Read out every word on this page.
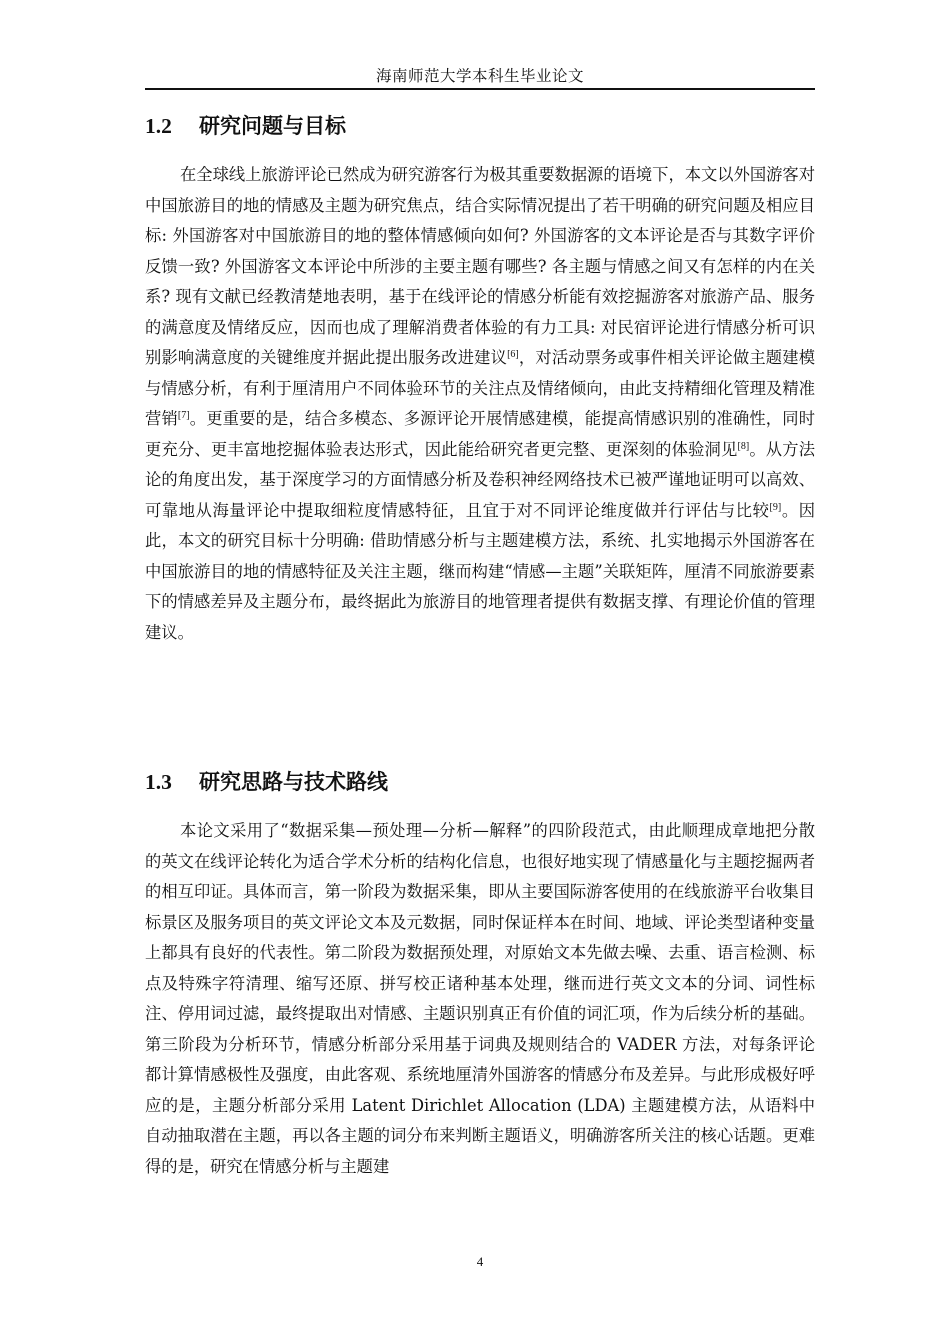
海南师范大学本科生毕业论文
1.2 研究问题与目标

在全球线上旅游评论已然成为研究游客行为极其重要数据源的语境下，本文以外国游客对中国旅游目的地的情感及主题为研究焦点，结合实际情况提出了若干明确的研究问题及相应目标: 外国游客对中国旅游目的地的整体情感倾向如何? 外国游客的文本评论是否与其数字评价反馈一致? 外国游客文本评论中所涉的主要主题有哪些? 各主题与情感之间又有怎样的内在关系? 现有文献已经教清楚地表明，基于在线评论的情感分析能有效挖掘游客对旅游产品、服务的满意度及情绪反应，因而也成了理解消费者体验的有力工具: 对民宿评论进行情感分析可识别影响满意度的关键维度并据此提出服务改进建议[6]，对活动票务或事件相关评论做主题建模与情感分析，有利于厘清用户不同体验环节的关注点及情绪倾向，由此支持精细化管理及精准营销[7]。更重要的是，结合多模态、多源评论开展情感建模，能提高情感识别的准确性，同时更充分、更丰富地挖掘体验表达形式，因此能给研究者更完整、更深刻的体验洞见[8]。从方法论的角度出发，基于深度学习的方面情感分析及卷积神经网络技术已被严谨地证明可以高效、可靠地从海量评论中提取细粒度情感特征，且宜于对不同评论维度做并行评估与比较[9]。因此，本文的研究目标十分明确: 借助情感分析与主题建模方法，系统、扎实地揭示外国游客在中国旅游目的地的情感特征及关注主题，继而构建“情感—主题”关联矩阵，厘清不同旅游要素下的情感差异及主题分布，最终据此为旅游目的地管理者提供有数据支撑、有理论价值的管理建议。

1.3 研究思路与技术路线

本论文采用了“数据采集—预处理—分析—解释”的四阶段范式，由此顺理成章地把分散的英文在线评论转化为适合学术分析的结构化信息，也很好地实现了情感量化与主题挖掘两者的相互印证。具体而言，第一阶段为数据采集，即从主要国际游客使用的在线旅游平台收集目标景区及服务项目的英文评论文本及元数据，同时保证样本在时间、地域、评论类型诸种变量上都具有良好的代表性。第二阶段为数据预处理，对原始文本先做去噪、去重、语言检测、标点及特殊字符清理、缩写还原、拼写校正诸种基本处理，继而进行英文文本的分词、词性标注、停用词过滤，最终提取出对情感、主题识别真正有价值的词汇项，作为后续分析的基础。第三阶段为分析环节，情感分析部分采用基于词典及规则结合的 VADER 方法，对每条评论都计算情感极性及强度，由此客观、系统地厘清外国游客的情感分布及差异。与此形成极好呼应的是，主题分析部分采用 Latent Dirichlet Allocation (LDA) 主题建模方法，从语料中自动抽取潜在主题，再以各主题的词分布来判断主题语义，明确游客所关注的核心话题。更难得的是，研究在情感分析与主题建

4
